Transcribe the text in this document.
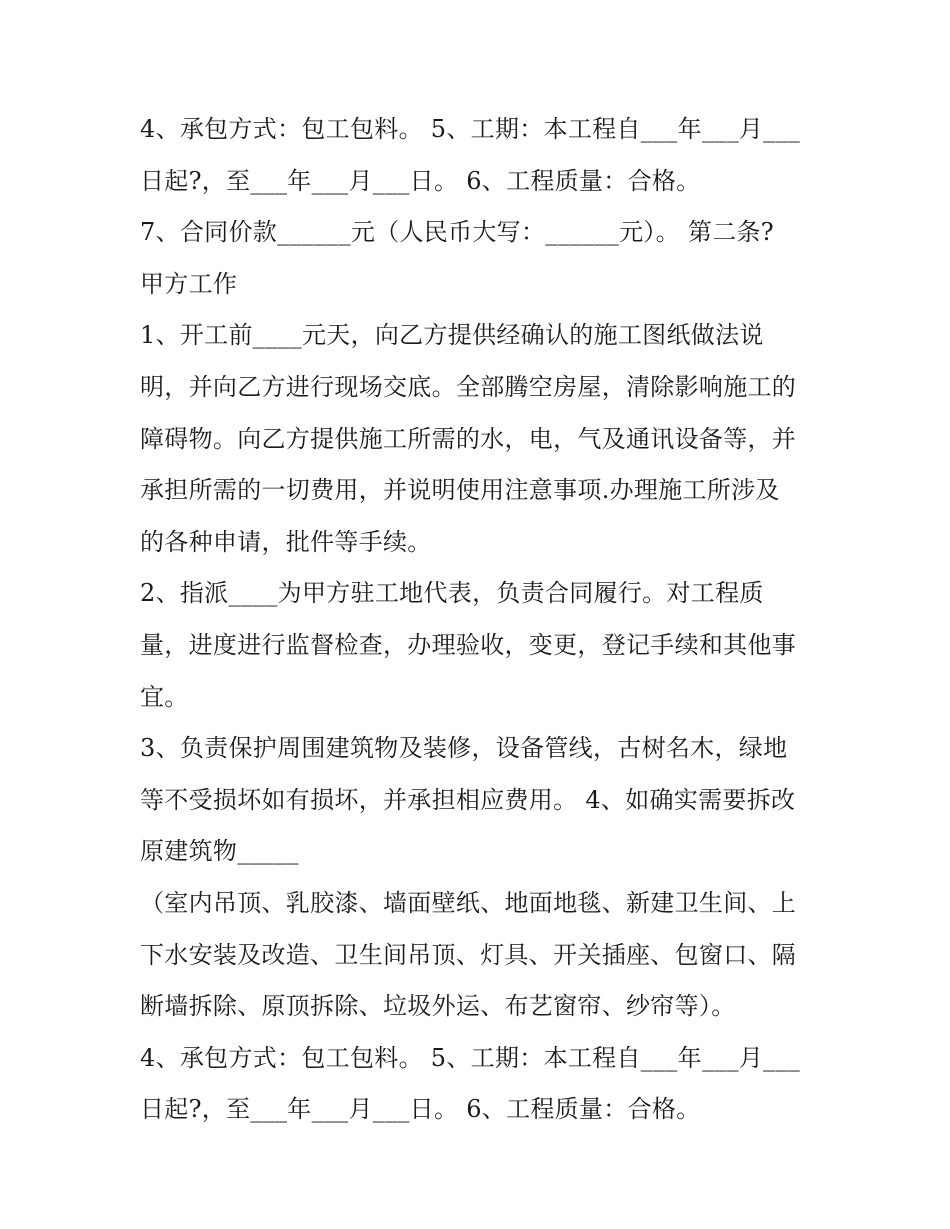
4、承包方式：包工包料。 5、工期：本工程自___年___月___
日起?，至___年___月___日。 6、工程质量：合格。
7、合同价款______元（人民币大写：______元）。 第二条?
甲方工作
1、开工前____元天，向乙方提供经确认的施工图纸做法说
明，并向乙方进行现场交底。全部腾空房屋，清除影响施工的
障碍物。向乙方提供施工所需的水，电，气及通讯设备等，并
承担所需的一切费用，并说明使用注意事项.办理施工所涉及
的各种申请，批件等手续。
2、指派____为甲方驻工地代表，负责合同履行。对工程质
量，进度进行监督检查，办理验收，变更，登记手续和其他事
宜。
3、负责保护周围建筑物及装修，设备管线，古树名木，绿地
等不受损坏如有损坏，并承担相应费用。 4、如确实需要拆改
原建筑物_____
（室内吊顶、乳胶漆、墙面壁纸、地面地毯、新建卫生间、上
下水安装及改造、卫生间吊顶、灯具、开关插座、包窗口、隔
断墙拆除、原顶拆除、垃圾外运、布艺窗帘、纱帘等）。
4、承包方式：包工包料。 5、工期：本工程自___年___月___
日起?，至___年___月___日。 6、工程质量：合格。
